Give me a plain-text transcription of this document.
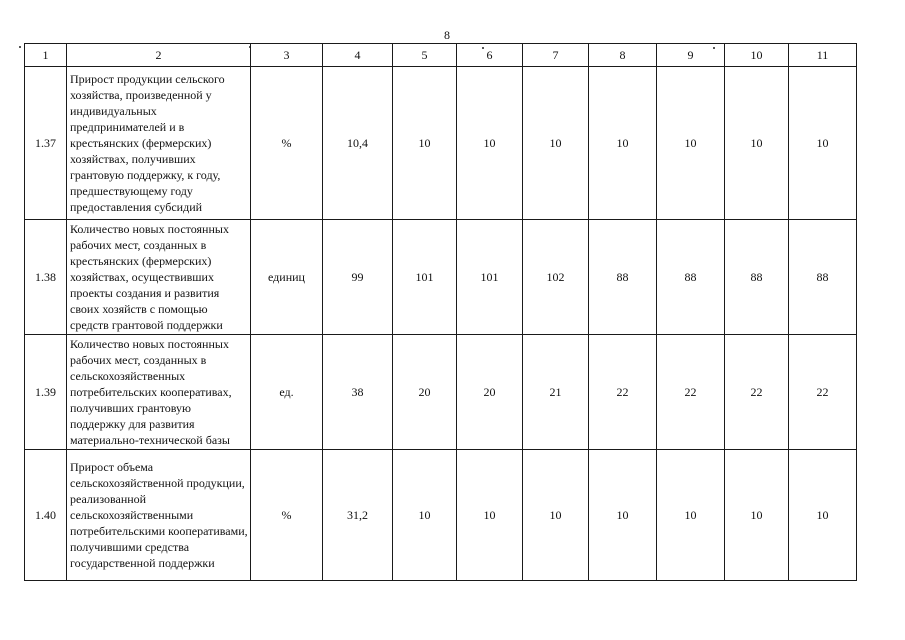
8
1	2	3	4	5	6	7	8	9	10	11
1.37	Прирост продукции сельского хозяйства, произведенной у индивидуальных предпринимателей и в крестьянских (фермерских) хозяйствах, получивших грантовую поддержку, к году, предшествующему году предоставления субсидий	%	10,4	10	10	10	10	10	10	10
1.38	Количество новых постоянных рабочих мест, созданных в крестьянских (фермерских) хозяйствах, осуществивших проекты создания и развития своих хозяйств с помощью средств грантовой поддержки	единиц	99	101	101	102	88	88	88	88
1.39	Количество новых постоянных рабочих мест, созданных в сельскохозяйственных потребительских кооперативах, получивших грантовую поддержку для развития материально-технической базы	ед.	38	20	20	21	22	22	22	22
1.40	Прирост объема сельскохозяйственной продукции, реализованной сельскохозяйственными потребительскими кооперативами, получившими средства государственной поддержки	%	31,2	10	10	10	10	10	10	10
